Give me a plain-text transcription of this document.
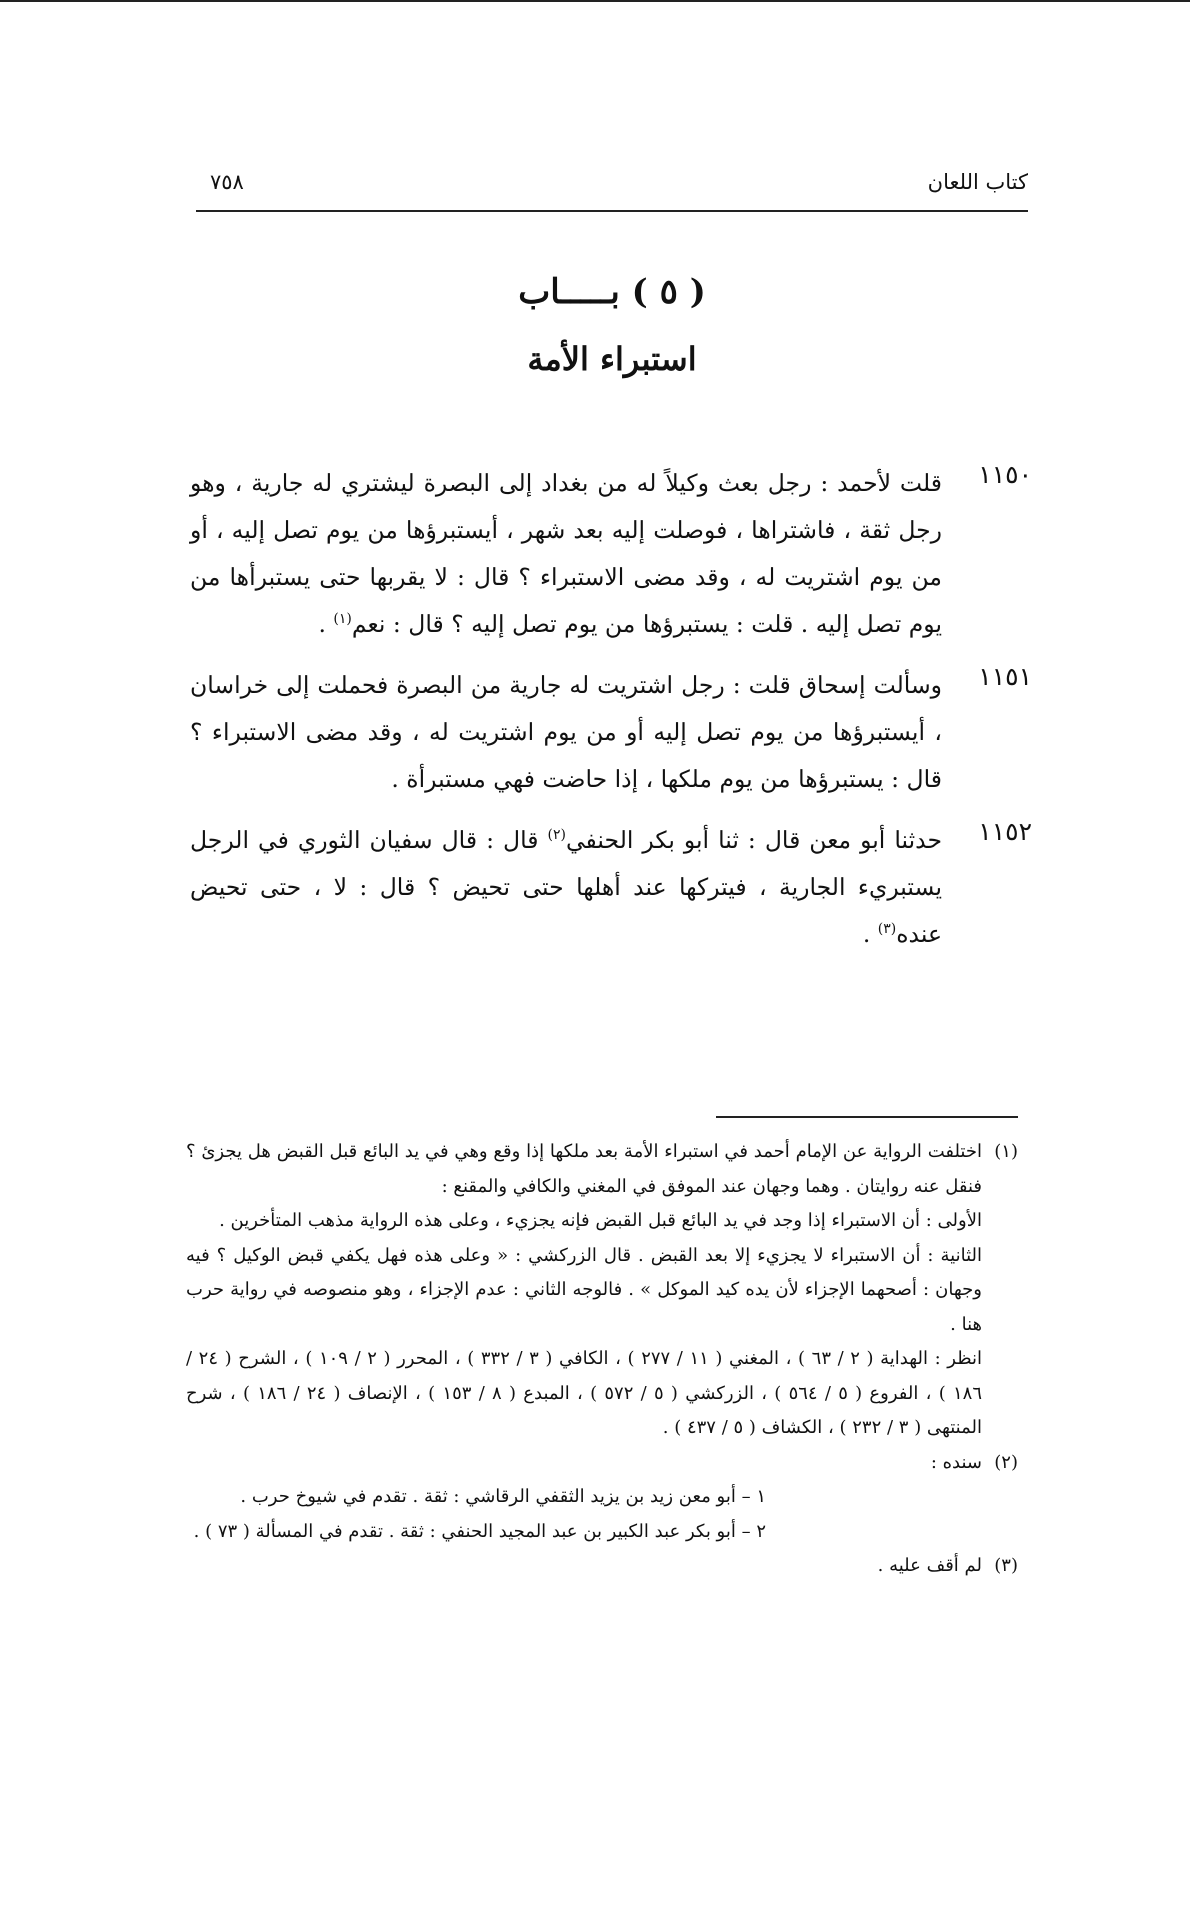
كتاب اللعان
٧٥٨
( ٥ ) بـــــاب
استبراء الأمة
١١٥٠
قلت لأحمد : رجل بعث وكيلاً له من بغداد إلى البصرة ليشتري له جارية ، وهو رجل ثقة ، فاشتراها ، فوصلت إليه بعد شهر ، أيستبرؤها من يوم تصل إليه ، أو من يوم اشتريت له ، وقد مضى الاستبراء ؟ قال : لا يقربها حتى يستبرأها من يوم تصل إليه . قلت : يستبرؤها من يوم تصل إليه ؟ قال : نعم$^{(١)}$ .
١١٥١
وسألت إسحاق قلت : رجل اشتريت له جارية من البصرة فحملت إلى خراسان ، أيستبرؤها من يوم تصل إليه أو من يوم اشتريت له ، وقد مضى الاستبراء ؟ قال : يستبرؤها من يوم ملكها ، إذا حاضت فهي مستبرأة .
١١٥٢
حدثنا أبو معن قال : ثنا أبو بكر الحنفي$^{(٢)}$ قال : قال سفيان الثوري في الرجل يستبريء الجارية ، فيتركها عند أهلها حتى تحيض ؟ قال : لا ، حتى تحيض عنده$^{(٣)}$ .
(١)
اختلفت الرواية عن الإمام أحمد في استبراء الأمة بعد ملكها إذا وقع وهي في يد البائع قبل القبض هل يجزئ ؟ فنقل عنه روايتان . وهما وجهان عند الموفق في المغني والكافي والمقنع :
الأولى : أن الاستبراء إذا وجد في يد البائع قبل القبض فإنه يجزيء ، وعلى هذه الرواية مذهب المتأخرين .
الثانية : أن الاستبراء لا يجزيء إلا بعد القبض . قال الزركشي : « وعلى هذه فهل يكفي قبض الوكيل ؟ فيه وجهان : أصحهما الإجزاء لأن يده كيد الموكل » . فالوجه الثاني : عدم الإجزاء ، وهو منصوصه في رواية حرب هنا .
انظر : الهداية ( ٢ / ٦٣ ) ، المغني ( ١١ / ٢٧٧ ) ، الكافي ( ٣ / ٣٣٢ ) ، المحرر ( ٢ / ١٠٩ ) ، الشرح ( ٢٤ / ١٨٦ ) ، الفروع ( ٥ / ٥٦٤ ) ، الزركشي ( ٥ / ٥٧٢ ) ، المبدع ( ٨ / ١٥٣ ) ، الإنصاف ( ٢٤ / ١٨٦ ) ، شرح المنتهى ( ٣ / ٢٣٢ ) ، الكشاف ( ٥ / ٤٣٧ ) .
(٢)
سنده :
١ – أبو معن زيد بن يزيد الثقفي الرقاشي : ثقة . تقدم في شيوخ حرب .
٢ – أبو بكر عبد الكبير بن عبد المجيد الحنفي : ثقة . تقدم في المسألة ( ٧٣ ) .
(٣)
لم أقف عليه .
